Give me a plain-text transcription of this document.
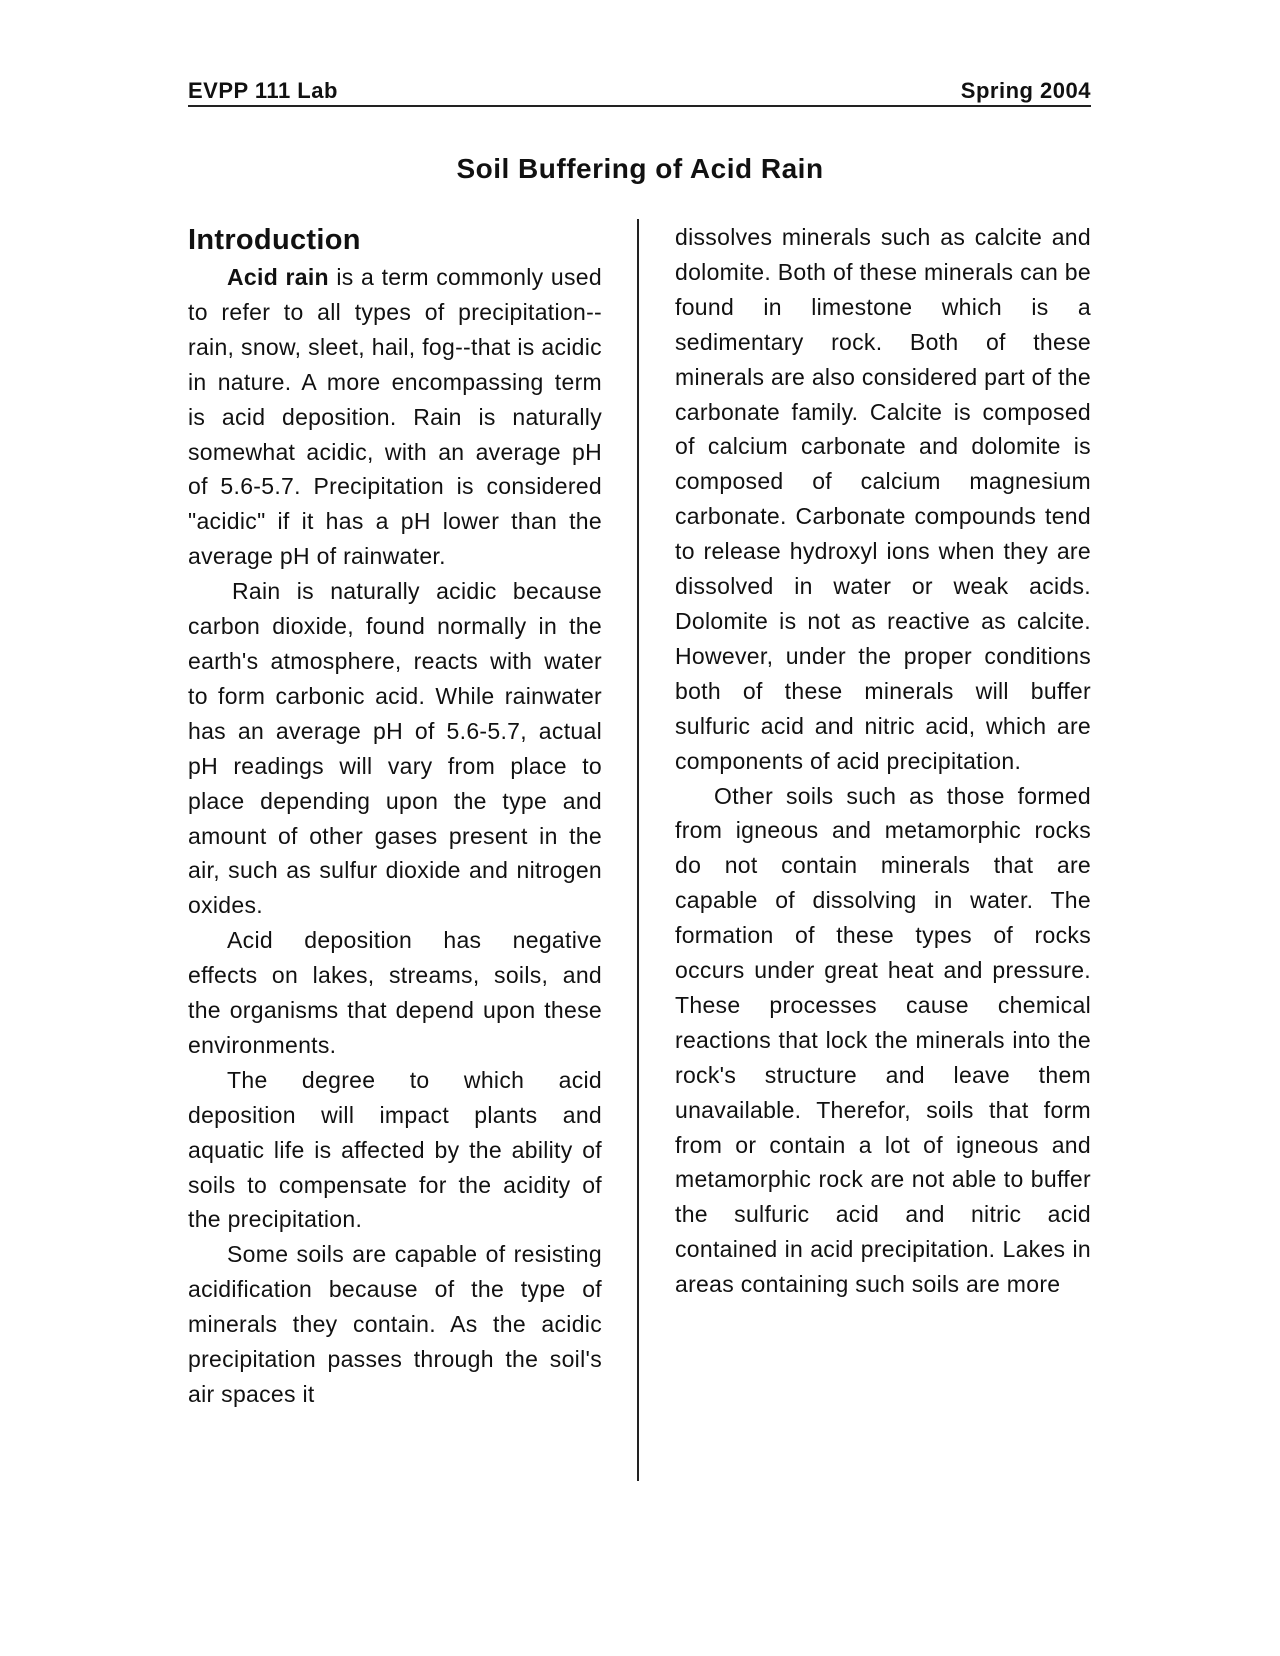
EVPP 111 Lab	Spring 2004
Soil Buffering of Acid Rain
Introduction

Acid rain is a term commonly used to refer to all types of precipitation--rain, snow, sleet, hail, fog--that is acidic in nature. A more encompassing term is acid deposition. Rain is naturally somewhat acidic, with an average pH of 5.6-5.7. Precipitation is considered "acidic" if it has a pH lower than the average pH of rainwater.

Rain is naturally acidic because carbon dioxide, found normally in the earth's atmosphere, reacts with water to form carbonic acid. While rainwater has an average pH of 5.6-5.7, actual pH readings will vary from place to place depending upon the type and amount of other gases present in the air, such as sulfur dioxide and nitrogen oxides.

Acid deposition has negative effects on lakes, streams, soils, and the organisms that depend upon these environments.

The degree to which acid deposition will impact plants and aquatic life is affected by the ability of soils to compensate for the acidity of the precipitation.

Some soils are capable of resisting acidification because of the type of minerals they contain. As the acidic precipitation passes through the soil's air spaces it

dissolves minerals such as calcite and dolomite. Both of these minerals can be found in limestone which is a sedimentary rock. Both of these minerals are also considered part of the carbonate family. Calcite is composed of calcium carbonate and dolomite is composed of calcium magnesium carbonate. Carbonate compounds tend to release hydroxyl ions when they are dissolved in water or weak acids. Dolomite is not as reactive as calcite. However, under the proper conditions both of these minerals will buffer sulfuric acid and nitric acid, which are components of acid precipitation.

Other soils such as those formed from igneous and metamorphic rocks do not contain minerals that are capable of dissolving in water. The formation of these types of rocks occurs under great heat and pressure. These processes cause chemical reactions that lock the minerals into the rock's structure and leave them unavailable. Therefor, soils that form from or contain a lot of igneous and metamorphic rock are not able to buffer the sulfuric acid and nitric acid contained in acid precipitation. Lakes in areas containing such soils are more
